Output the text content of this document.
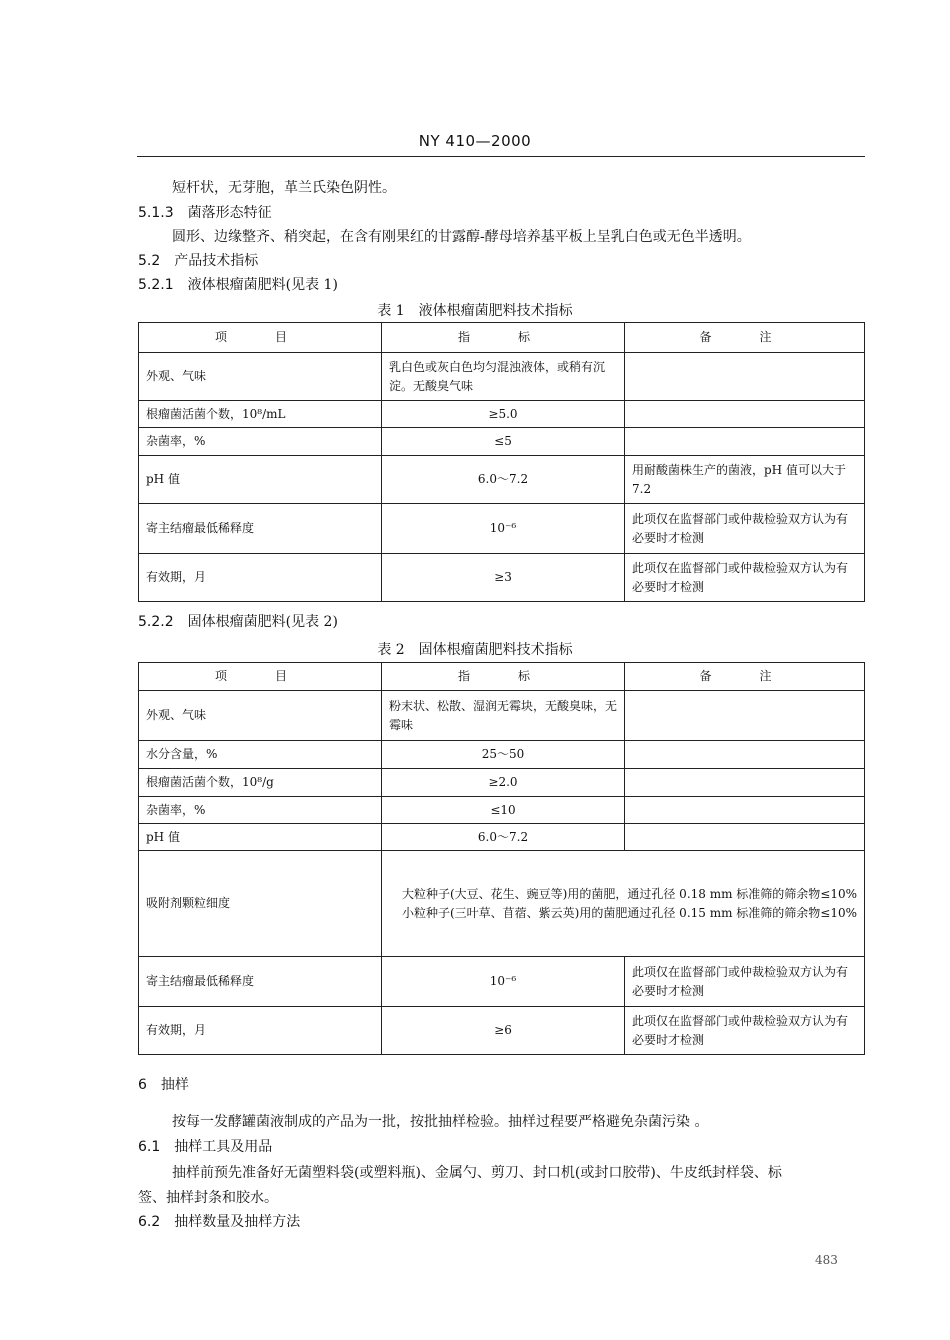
NY 410—2000
短杆状，无芽胞，革兰氏染色阴性。
5.1.3　 菌落形态特征
圆形、边缘整齐、稍突起，在含有刚果红的甘露醇-酵母培养基平板上呈乳白色或无色半透明。
5.2　 产品技术指标
5.2.1　 液体根瘤菌肥料(见表 1)
表 1　液体根瘤菌肥料技术指标
项　目	指　标	备　注
外观、气味	乳白色或灰白色均匀混浊液体，或稍有沉淀。无酸臭气味	
根瘤菌活菌个数，10⁸/mL	≥5.0	
杂菌率，%	≤5	
pH 值	6.0～7.2	用耐酸菌株生产的菌液，pH 值可以大于 7.2
寄主结瘤最低稀释度	10⁻⁶	此项仅在监督部门或仲裁检验双方认为有必要时才检测
有效期，月	≥3	此项仅在监督部门或仲裁检验双方认为有必要时才检测
5.2.2　 固体根瘤菌肥料(见表 2)
表 2　固体根瘤菌肥料技术指标
项　目	指　标	备　注
外观、气味	粉末状、松散、湿润无霉块，无酸臭味，无霉味	
水分含量，%	25～50	
根瘤菌活菌个数，10⁸/g	≥2.0	
杂菌率，%	≤10	
pH 值	6.0～7.2	
吸附剂颗粒细度	大粒种子(大豆、花生、豌豆等)用的菌肥，通过孔径 0.18 mm 标准筛的筛余物≤10%
小粒种子(三叶草、苜蓿、紫云英)用的菌肥通过孔径 0.15 mm 标准筛的筛余物≤10%	

寄主结瘤最低稀释度	10⁻⁶	此项仅在监督部门或仲裁检验双方认为有必要时才检测
有效期，月	≥6	此项仅在监督部门或仲裁检验双方认为有必要时才检测
6　 抽样
按每一发酵罐菌液制成的产品为一批，按批抽样检验。抽样过程要严格避免杂菌污染 。
6.1　 抽样工具及用品
抽样前预先准备好无菌塑料袋(或塑料瓶)、金属勺、剪刀、封口机(或封口胶带)、牛皮纸封样袋、标
签、抽样封条和胶水。
6.2　 抽样数量及抽样方法
483
